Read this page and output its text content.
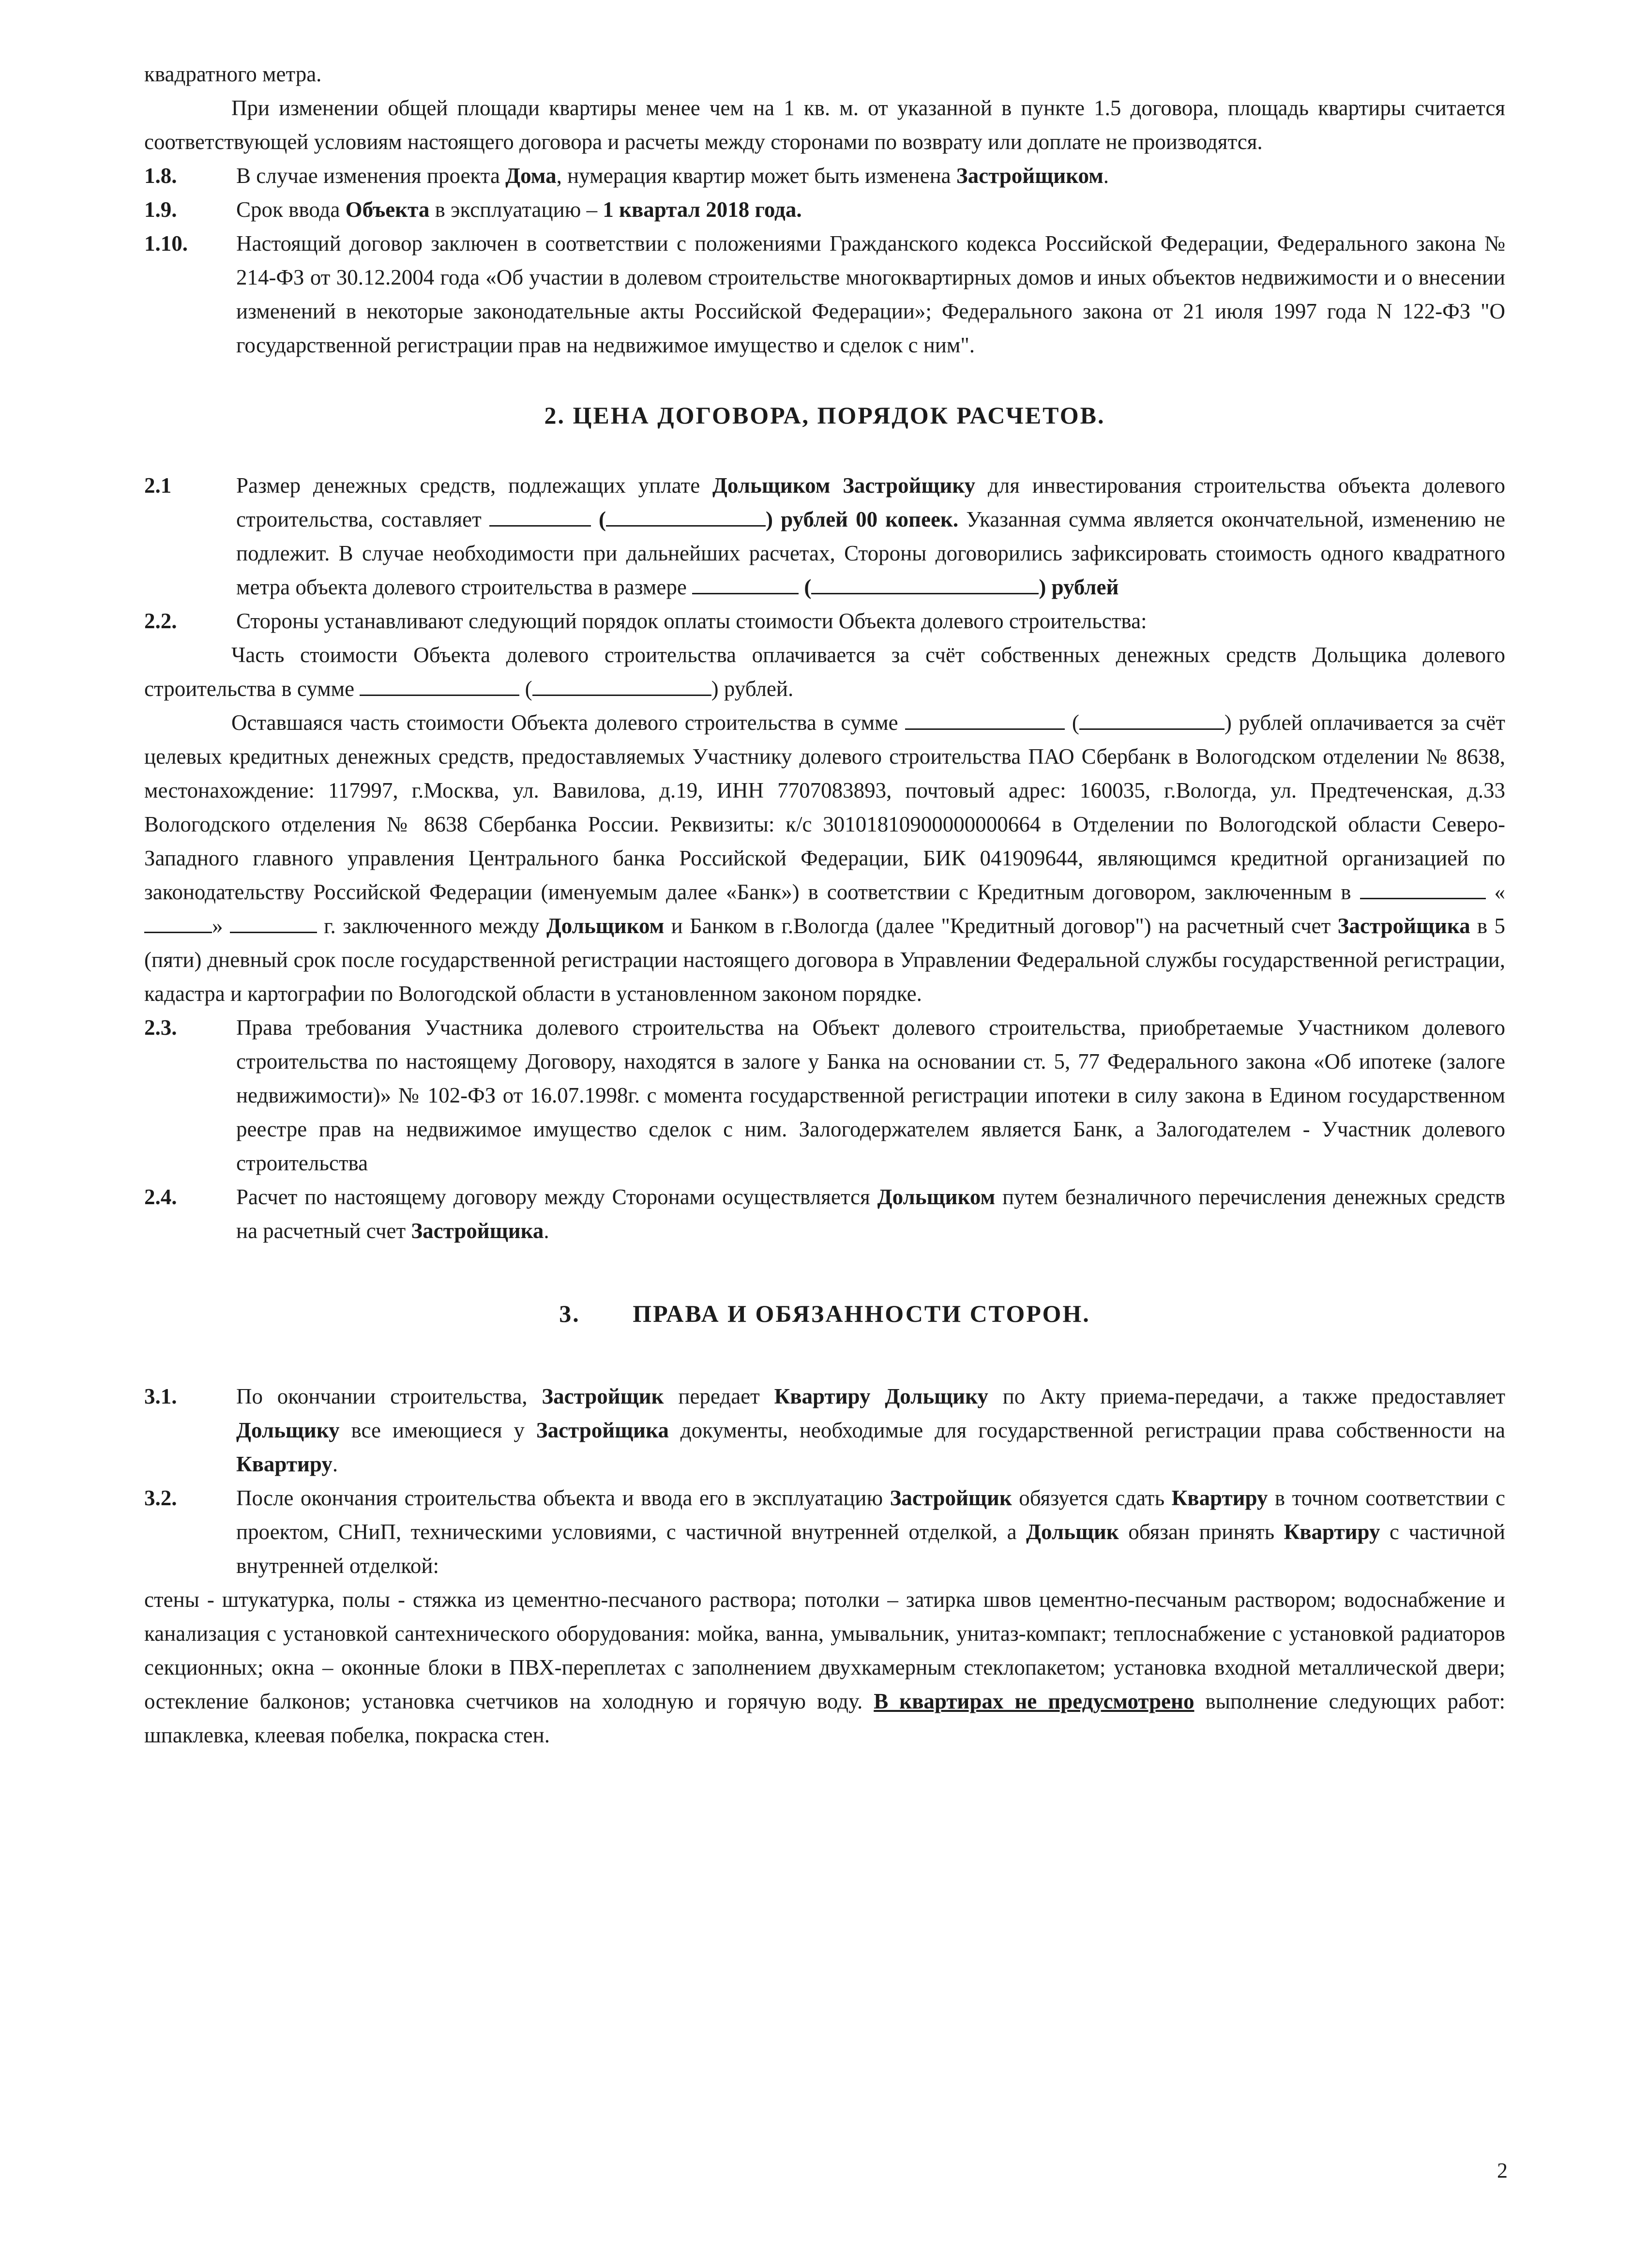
квадратного метра.

При изменении общей площади квартиры менее чем на 1 кв. м. от указанной в пункте 1.5 договора, площадь квартиры считается соответствующей условиям настоящего договора и расчеты между сторонами по возврату или доплате не производятся.

1.8.	В случае изменения проекта Дома, нумерация квартир может быть изменена Застройщиком.
1.9.	Срок ввода Объекта в эксплуатацию – 1 квартал 2018 года.
1.10.	Настоящий договор заключен в соответствии с положениями Гражданского кодекса Российской Федерации, Федерального закона № 214-ФЗ от 30.12.2004 года «Об участии в долевом строительстве многоквартирных домов и иных объектов недвижимости и о внесении изменений в некоторые законодательные акты Российской Федерации»; Федерального закона от 21 июля 1997 года N 122-ФЗ "О государственной регистрации прав на недвижимое имущество и сделок с ним".

2. ЦЕНА ДОГОВОРА, ПОРЯДОК РАСЧЕТОВ.

2.1	Размер денежных средств, подлежащих уплате Дольщиком Застройщику для инвестирования строительства объекта долевого строительства, составляет	(	) рублей 00 копеек. Указанная сумма является окончательной, изменению не подлежит. В случае необходимости при дальнейших расчетах, Стороны договорились зафиксировать стоимость одного квадратного метра объекта долевого строительства в размере	(	) рублей
2.2.	Стороны устанавливают следующий порядок оплаты стоимости Объекта долевого строительства:

Часть стоимости Объекта долевого строительства оплачивается за счёт собственных денежных средств Дольщика долевого строительства в сумме	(	) рублей.

Оставшаяся часть стоимости Объекта долевого строительства в сумме	(	) рублей оплачивается за счёт целевых кредитных денежных средств, предоставляемых Участнику долевого строительства ПАО Сбербанк в Вологодском отделении № 8638, местонахождение: 117997, г.Москва, ул. Вавилова, д.19, ИНН 7707083893, почтовый адрес: 160035, г.Вологда, ул. Предтеченская, д.33 Вологодского отделения № 8638 Сбербанка России. Реквизиты: к/с 30101810900000000664 в Отделении по Вологодской области Северо-Западного главного управления Центрального банка Российской Федерации, БИК 041909644, являющимся кредитной организацией по законодательству Российской Федерации (именуемым далее «Банк») в соответствии с Кредитным договором, заключенным в	«»	г. заключенного между Дольщиком и Банком в г.Вологда (далее "Кредитный договор") на расчетный счет Застройщика в 5 (пяти) дневный срок после государственной регистрации настоящего договора в Управлении Федеральной службы государственной регистрации, кадастра и картографии по Вологодской области в установленном законом порядке.

2.3.	Права требования Участника долевого строительства на Объект долевого строительства, приобретаемые Участником долевого строительства по настоящему Договору, находятся в залоге у Банка на основании ст. 5, 77 Федерального закона «Об ипотеке (залоге недвижимости)» № 102-ФЗ от 16.07.1998г. с момента государственной регистрации ипотеки в силу закона в Едином государственном реестре прав на недвижимое имущество сделок с ним. Залогодержателем является Банк, а Залогодателем - Участник долевого строительства
2.4.	Расчет по настоящему договору между Сторонами осуществляется Дольщиком путем безналичного перечисления денежных средств на расчетный счет Застройщика.

3.       ПРАВА И ОБЯЗАННОСТИ СТОРОН.

3.1.	По окончании строительства, Застройщик передает Квартиру Дольщику по Акту приема-передачи, а также предоставляет Дольщику все имеющиеся у Застройщика документы, необходимые для государственной регистрации права собственности на Квартиру.
3.2.	После окончания строительства объекта и ввода его в эксплуатацию Застройщик обязуется сдать Квартиру в точном соответствии с проектом, СНиП, техническими условиями, с частичной внутренней отделкой, а Дольщик обязан принять Квартиру с частичной внутренней отделкой:

стены - штукатурка, полы - стяжка из цементно-песчаного раствора; потолки – затирка швов цементно-песчаным раствором; водоснабжение и канализация с установкой сантехнического оборудования: мойка, ванна, умывальник, унитаз-компакт; теплоснабжение с установкой радиаторов секционных; окна – оконные блоки в ПВХ-переплетах с заполнением двухкамерным стеклопакетом; установка входной металлической двери; остекление балконов; установка счетчиков на холодную и горячую воду. В квартирах не предусмотрено выполнение следующих работ: шпаклевка, клеевая побелка, покраска стен.

2
